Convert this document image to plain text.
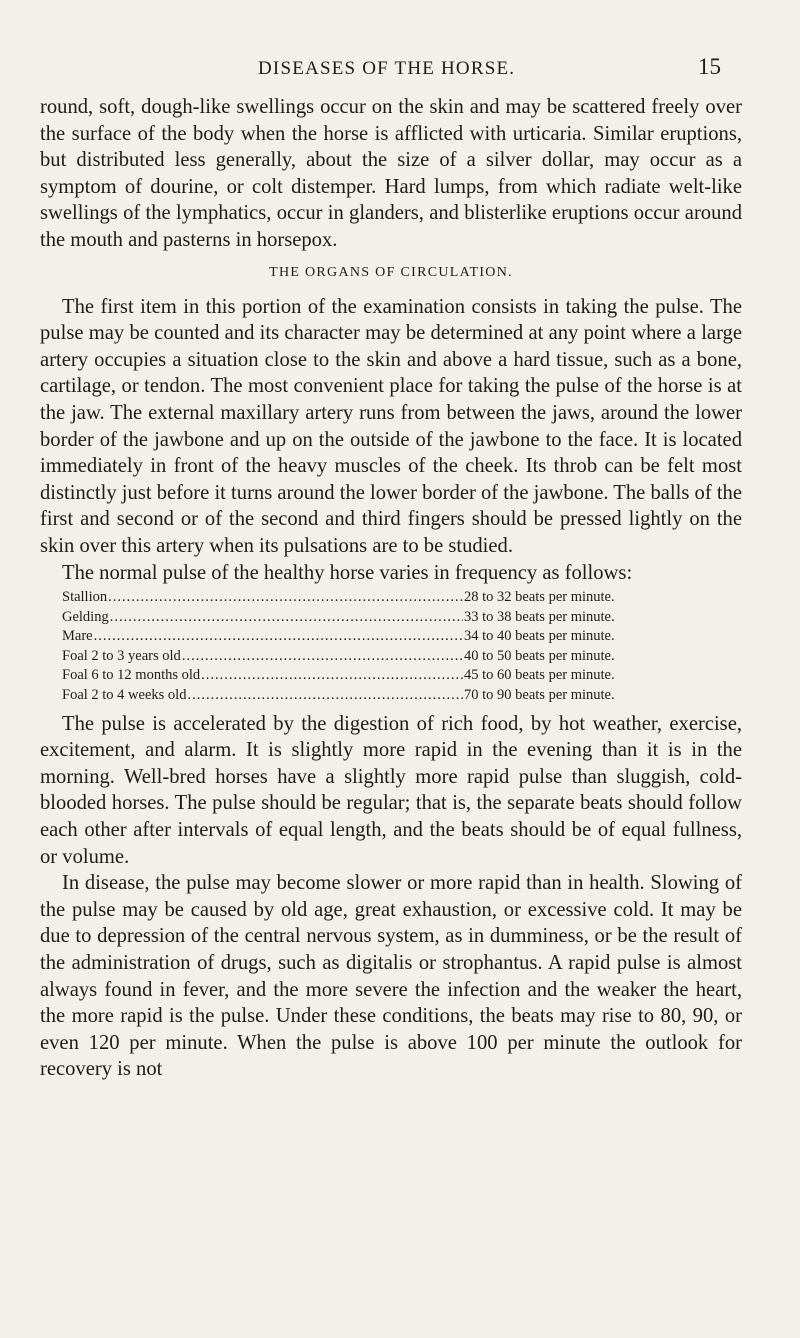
DISEASES OF THE HORSE.	15

round, soft, dough-like swellings occur on the skin and may be scattered freely over the surface of the body when the horse is afflicted with urticaria. Similar eruptions, but distributed less generally, about the size of a silver dollar, may occur as a symptom of dourine, or colt distemper. Hard lumps, from which radiate welt-like swellings of the lymphatics, occur in glanders, and blisterlike eruptions occur around the mouth and pasterns in horsepox.

THE ORGANS OF CIRCULATION.

The first item in this portion of the examination consists in taking the pulse. The pulse may be counted and its character may be determined at any point where a large artery occupies a situation close to the skin and above a hard tissue, such as a bone, cartilage, or tendon. The most convenient place for taking the pulse of the horse is at the jaw. The external maxillary artery runs from between the jaws, around the lower border of the jawbone and up on the outside of the jawbone to the face. It is located immediately in front of the heavy muscles of the cheek. Its throb can be felt most distinctly just before it turns around the lower border of the jawbone. The balls of the first and second or of the second and third fingers should be pressed lightly on the skin over this artery when its pulsations are to be studied.

The normal pulse of the healthy horse varies in frequency as follows:

Stallion .....	28 to 32 beats per minute.
Gelding .....	33 to 38 beats per minute.
Mare .....	34 to 40 beats per minute.
Foal 2 to 3 years old .....	40 to 50 beats per minute.
Foal 6 to 12 months old .....	45 to 60 beats per minute.
Foal 2 to 4 weeks old .....	70 to 90 beats per minute.

The pulse is accelerated by the digestion of rich food, by hot weather, exercise, excitement, and alarm. It is slightly more rapid in the evening than it is in the morning. Well-bred horses have a slightly more rapid pulse than sluggish, cold-blooded horses. The pulse should be regular; that is, the separate beats should follow each other after intervals of equal length, and the beats should be of equal fullness, or volume.

In disease, the pulse may become slower or more rapid than in health. Slowing of the pulse may be caused by old age, great exhaustion, or excessive cold. It may be due to depression of the central nervous system, as in dumminess, or be the result of the administration of drugs, such as digitalis or strophantus. A rapid pulse is almost always found in fever, and the more severe the infection and the weaker the heart, the more rapid is the pulse. Under these conditions, the beats may rise to 80, 90, or even 120 per minute. When the pulse is above 100 per minute the outlook for recovery is not
